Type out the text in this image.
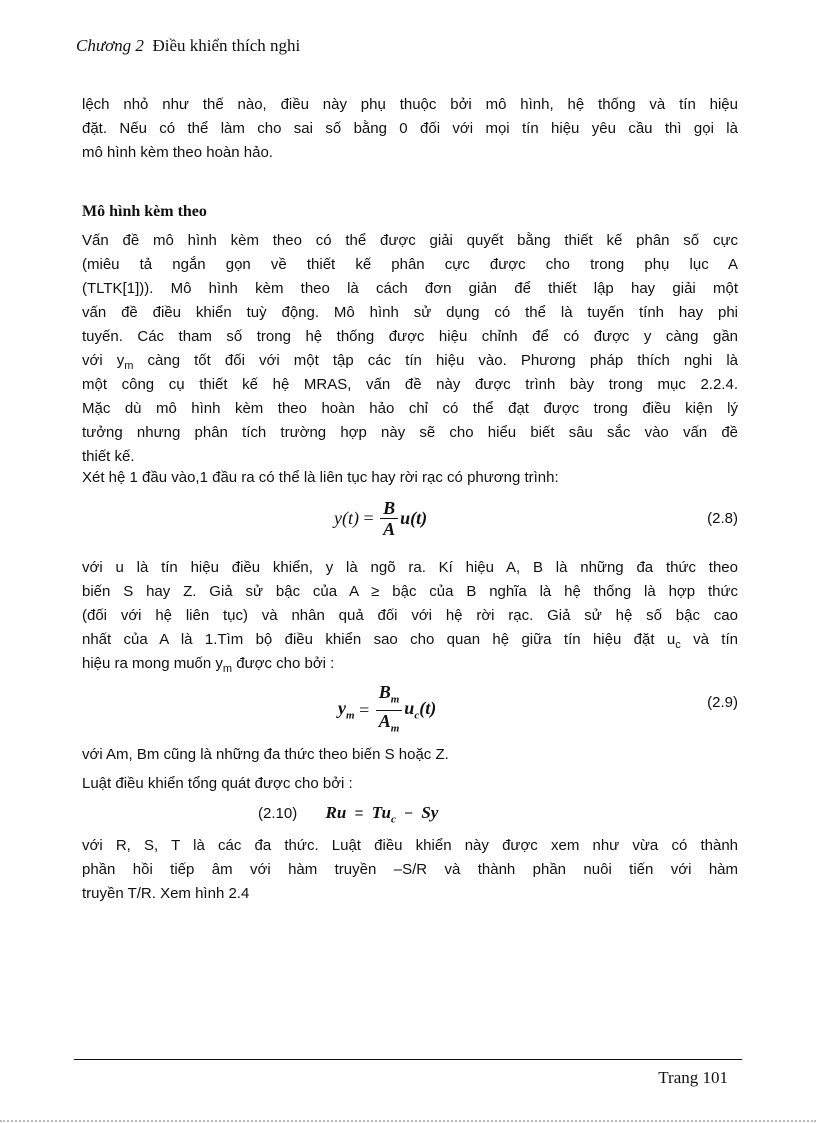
Chương 2 Điều khiển thích nghi
lệch nhỏ như thế nào, điều này phụ thuộc bởi mô hình, hệ thống và tín hiệu
đặt. Nếu có thể làm cho sai số bằng 0 đối với mọi tín hiệu yêu cầu thì gọi là
mô hình kèm theo hoàn hảo.
Mô hình kèm theo
Vấn đề mô hình kèm theo có thể được giải quyết bằng thiết kế phân số cực
(miêu tả ngắn gọn về thiết kế phân cực được cho trong phụ lục A
(TLTK[1])). Mô hình kèm theo là cách đơn giản để thiết lập hay giải một
vấn đề điều khiển tuỳ động. Mô hình sử dụng có thể là tuyến tính hay phi
tuyến. Các tham số trong hệ thống được hiệu chỉnh để có được y càng gần
với $y_m$ càng tốt đối với một tập các tín hiệu vào. Phương pháp thích nghi là
một công cụ thiết kế hệ MRAS, vấn đề này được trình bày trong mục 2.2.4.
Mặc dù mô hình kèm theo hoàn hảo chỉ có thể đạt được trong điều kiện lý
tưởng nhưng phân tích trường hợp này sẽ cho hiểu biết sâu sắc vào vấn đề
thiết kế.
Xét hệ 1 đầu vào,1 đầu ra có thể là liên tục hay rời rạc có phương trình:
y(t)
=
$\frac{B}{A} u(t)$	(2.8)
với u là tín hiệu điều khiển, y là ngõ ra. Kí hiệu A, B là những đa thức theo
biến S hay Z. Giả sử bậc của A ≥ bậc của B nghĩa là hệ thống là hợp thức
(đối với hệ liên tục) và nhân quả đối với hệ rời rạc. Giả sử hệ số bậc cao
nhất của A là 1.Tìm bộ điều khiển sao cho quan hệ giữa tín hiệu đặt $u_c$ và tín
hiệu ra mong muốn $y_m$ được cho bởi :
$y_m$
=
$\frac{B_m}{A_m} u_c(t)$	(2.9)
với Am, Bm cũng là những đa thức theo biến S hoặc Z.
Luật điều khiển tổng quát được cho bởi :
(2.10) $Ru = Tu_c - Sy$
với R, S, T là các đa thức. Luật điều khiển này được xem như vừa có thành
phần hồi tiếp âm với hàm truyền –S/R và thành phần nuôi tiến với hàm
truyền T/R. Xem hình 2.4
Trang 101
